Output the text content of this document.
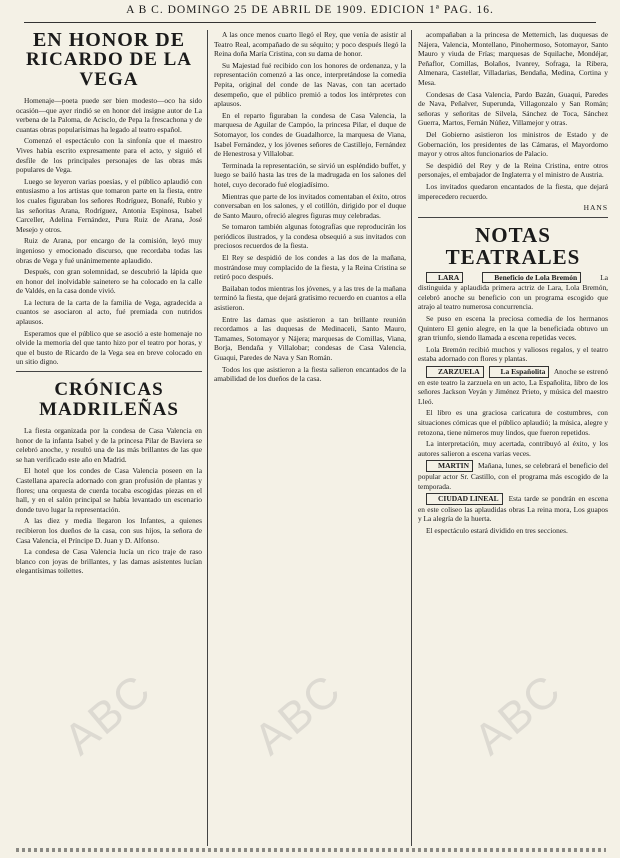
A B C. DOMINGO 25 DE ABRIL DE 1909. EDICION 1ª PAG. 16.
EN HONOR DE
RICARDO DE LA VEGA

Homenaje—poeta puede ser bien modesto—oco ha sido ocasión—que ayer rindió se en honor del insigne autor de La verbena de la Paloma, de Acisclo, de Pepa la frescachona y de cuantas obras popularísimas ha legado al teatro español.

Comenzó el espectáculo con la sinfonía que el maestro Vives había escrito expresamente para el acto, y siguió el desfile de los principales personajes de las obras más populares de Vega.

Luego se leyeron varias poesías, y el público aplaudió con entusiasmo a los artistas que tomaron parte en la fiesta, entre los cuales figuraban los señores Rodríguez, Bonafé, Rubio y las señoritas Arana, Rodríguez, Antonia Espinosa, Isabel Carceller, Adelina Fernández, Pura Ruiz de Arana, José Mesejo y otros.

Ruiz de Arana, por encargo de la comisión, leyó muy ingenioso y emocionado discurso, que recordaba todas las obras de Vega y fué unánimemente aplaudido.

Después, con gran solemnidad, se descubrió la lápida que en honor del inolvidable sainetero se ha colocado en la calle de Valdés, en la casa donde vivió.

La lectura de la carta de la familia de Vega, agradecida a cuantos se asociaron al acto, fué premiada con nutridos aplausos.

Esperamos que el público que se asoció a este homenaje no olvide la memoria del que tanto hizo por el teatro por horas, y que el busto de Ricardo de la Vega sea en breve colocado en un sitio digno.

CRÓNICAS
MADRILEÑAS

La fiesta organizada por la condesa de Casa Valencia en honor de la infanta Isabel y de la princesa Pilar de Baviera se celebró anoche, y resultó una de las más brillantes de las que se han verificado este año en Madrid.

El hotel que los condes de Casa Valencia poseen en la Castellana aparecía adornado con gran profusión de plantas y flores; una orquesta de cuerda tocaba escogidas piezas en el hall, y en el salón principal se había levantado un escenario donde tuvo lugar la representación.

A las diez y media llegaron los Infantes, a quienes recibieron los dueños de la casa, con sus hijos, la señora de Casa Valencia, el Príncipe D. Juan y D. Alfonso.

La condesa de Casa Valencia lucía un rico traje de raso blanco con joyas de brillantes, y las damas asistentes lucían elegantísimas toilettes.

A las once menos cuarto llegó el Rey, que venía de asistir al Teatro Real, acompañado de su séquito; y poco después llegó la Reina doña María Cristina, con su dama de honor.

Su Majestad fué recibido con los honores de ordenanza, y la representación comenzó a las once, interpretándose la comedia Pepita, original del conde de las Navas, con tan acertado desempeño, que el público premió a todos los intérpretes con aplausos.

En el reparto figuraban la condesa de Casa Valencia, la marquesa de Aguilar de Campóo, la princesa Pilar, el duque de Sotomayor, los condes de Guadalhorce, la marquesa de Viana, Isabel Fernández, y los jóvenes señores de Castillejo, Fernández de Henestrosa y Villalobar.

Terminada la representación, se sirvió un espléndido buffet, y luego se bailó hasta las tres de la madrugada en los salones del hotel, cuyo decorado fué elogiadísimo.

Mientras que parte de los invitados comentaban el éxito, otros conversaban en los salones, y el cotillón, dirigido por el duque de Santo Mauro, ofreció alegres figuras muy celebradas.

Se tomaron también algunas fotografías que reproducirán los periódicos ilustrados, y la condesa obsequió a sus invitados con preciosos recuerdos de la fiesta.

El Rey se despidió de los condes a las dos de la mañana, mostrándose muy complacido de la fiesta, y la Reina Cristina se retiró poco después.

Bailaban todos mientras los jóvenes, y a las tres de la mañana terminó la fiesta, que dejará gratísimo recuerdo en cuantos a ella asistieron.

Entre las damas que asistieron a tan brillante reunión recordamos a las duquesas de Medinaceli, Santo Mauro, Tamames, Sotomayor y Nájera; marquesas de Comillas, Viana, Borja, Bendaña y Villalobar; condesas de Casa Valencia, Guaqui, Paredes de Nava y San Román.

Todos los que asistieron a la fiesta salieron encantados de la amabilidad de los dueños de la casa.

acompañaban a la princesa de Metternich, las duquesas de Nájera, Valencia, Montellano, Pinohermoso, Sotomayor, Santo Mauro y viuda de Frías; marquesas de Squilache, Mondéjar, Peñaflor, Comillas, Bolaños, Ivanrey, Sofraga, la Ribera, Almenara, Castellar, Villadarias, Bendaña, Medina, Cortina y Mesa.

Condesas de Casa Valencia, Pardo Bazán, Guaqui, Paredes de Nava, Peñalver, Superunda, Villagonzalo y San Román; señoras y señoritas de Silvela, Sánchez de Toca, Sánchez Guerra, Martos, Fernán Núñez, Villamejor y otras.

Del Gobierno asistieron los ministros de Estado y de Gobernación, los presidentes de las Cámaras, el Mayordomo mayor y otros altos funcionarios de Palacio.

Se despidió del Rey y de la Reina Cristina, entre otros personajes, el embajador de Inglaterra y el ministro de Austria.

Los invitados quedaron encantados de la fiesta, que dejará imperecedero recuerdo.

HANS
NOTAS TEATRALES

LARA	Beneficio de Lola Bremón	La distinguida y aplaudida primera actriz de Lara, Lola Bremón, celebró anoche su beneficio con un programa escogido que atrajo al teatro numerosa concurrencia.

Se puso en escena la preciosa comedia de los hermanos Quintero El genio alegre, en la que la beneficiada obtuvo un gran triunfo, siendo llamada a escena repetidas veces.

Lola Bremón recibió muchos y valiosos regalos, y el teatro estaba adornado con flores y plantas.

ZARZUELA	La Españolita Anoche se estrenó en este teatro la zarzuela en un acto, La Españolita, libro de los señores Jackson Veyán y Jiménez Prieto, y música del maestro Lleó.

El libro es una graciosa caricatura de costumbres, con situaciones cómicas que el público aplaudió; la música, alegre y retozona, tiene números muy lindos, que fueron repetidos.

La interpretación, muy acertada, contribuyó al éxito, y los autores salieron a escena varias veces.

MARTIN Mañana, lunes, se celebrará el beneficio del popular actor Sr. Castillo, con el programa más escogido de la temporada.

CIUDAD LINEAL Esta tarde se pondrán en escena en este coliseo las aplaudidas obras La reina mora, Los guapos y La alegría de la huerta.

El espectáculo estará dividido en tres secciones.

ABC ABC	ABC
